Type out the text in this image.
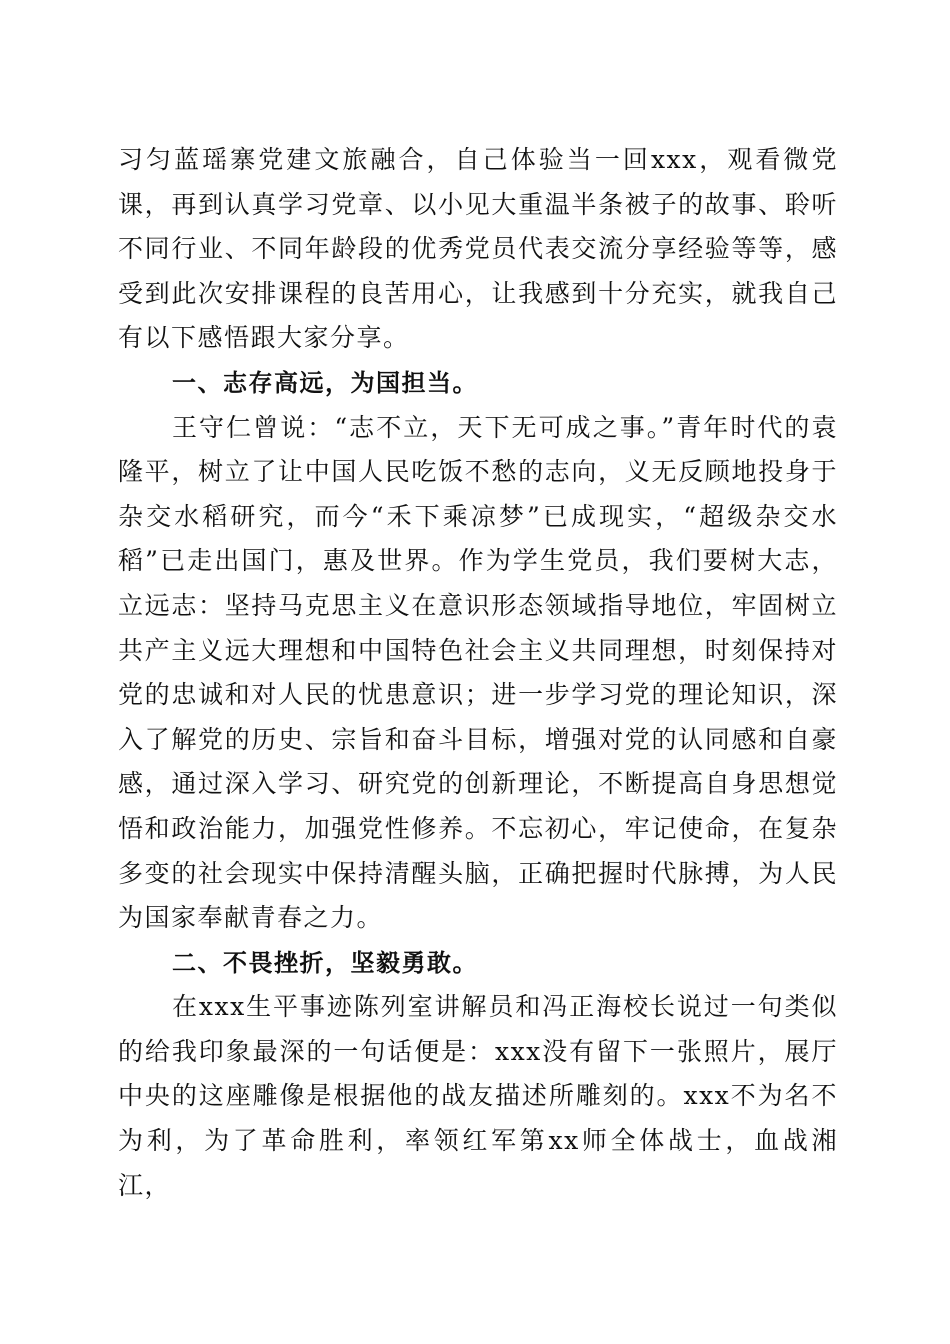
习匀蓝瑶寨党建文旅融合，自己体验当一回xxx，观看微党课，再到认真学习党章、以小见大重温半条被子的故事、聆听不同行业、不同年龄段的优秀党员代表交流分享经验等等，感受到此次安排课程的良苦用心，让我感到十分充实，就我自己有以下感悟跟大家分享。

一、志存高远，为国担当。

王守仁曾说：“志不立，天下无可成之事。”青年时代的袁隆平，树立了让中国人民吃饭不愁的志向，义无反顾地投身于杂交水稻研究，而今“禾下乘凉梦”已成现实，“超级杂交水稻”已走出国门，惠及世界。作为学生党员，我们要树大志，立远志：坚持马克思主义在意识形态领域指导地位，牢固树立共产主义远大理想和中国特色社会主义共同理想，时刻保持对党的忠诚和对人民的忧患意识；进一步学习党的理论知识，深入了解党的历史、宗旨和奋斗目标，增强对党的认同感和自豪感，通过深入学习、研究党的创新理论，不断提高自身思想觉悟和政治能力，加强党性修养。不忘初心，牢记使命，在复杂多变的社会现实中保持清醒头脑，正确把握时代脉搏，为人民为国家奉献青春之力。

二、不畏挫折，坚毅勇敢。

在xxx生平事迹陈列室讲解员和冯正海校长说过一句类似的给我印象最深的一句话便是：xxx没有留下一张照片，展厅中央的这座雕像是根据他的战友描述所雕刻的。xxx不为名不为利，为了革命胜利，率领红军第xx师全体战士，血战湘江，
